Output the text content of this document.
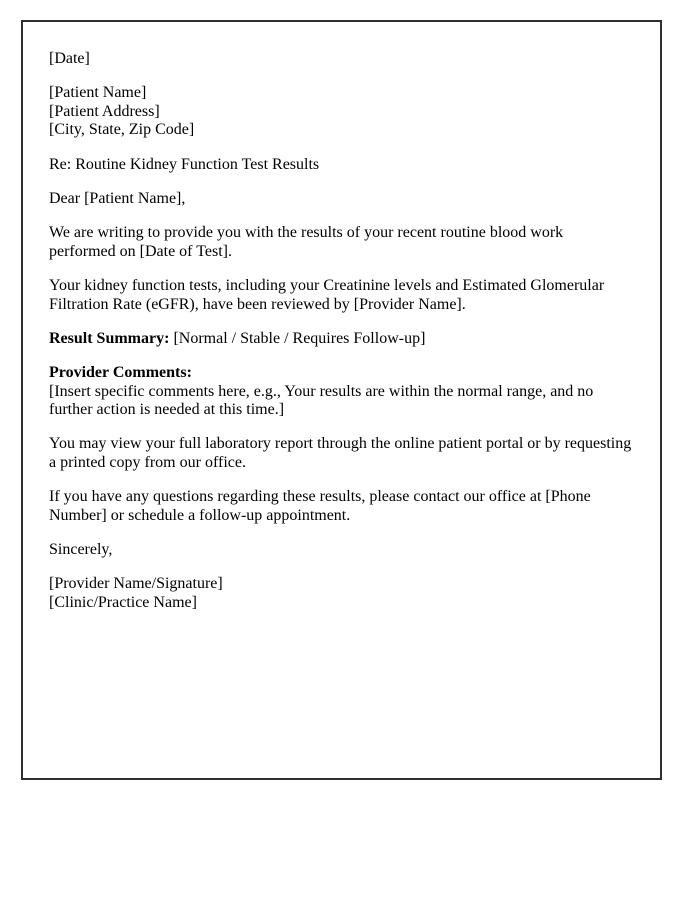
[Date]

[Patient Name]
[Patient Address]
[City, State, Zip Code]

Re: Routine Kidney Function Test Results

Dear [Patient Name],

We are writing to provide you with the results of your recent routine blood work performed on [Date of Test].

Your kidney function tests, including your Creatinine levels and Estimated Glomerular Filtration Rate (eGFR), have been reviewed by [Provider Name].

Result Summary: [Normal / Stable / Requires Follow-up]

Provider Comments:
[Insert specific comments here, e.g., Your results are within the normal range, and no further action is needed at this time.]

You may view your full laboratory report through the online patient portal or by requesting a printed copy from our office.

If you have any questions regarding these results, please contact our office at [Phone Number] or schedule a follow-up appointment.

Sincerely,

[Provider Name/Signature]
[Clinic/Practice Name]
